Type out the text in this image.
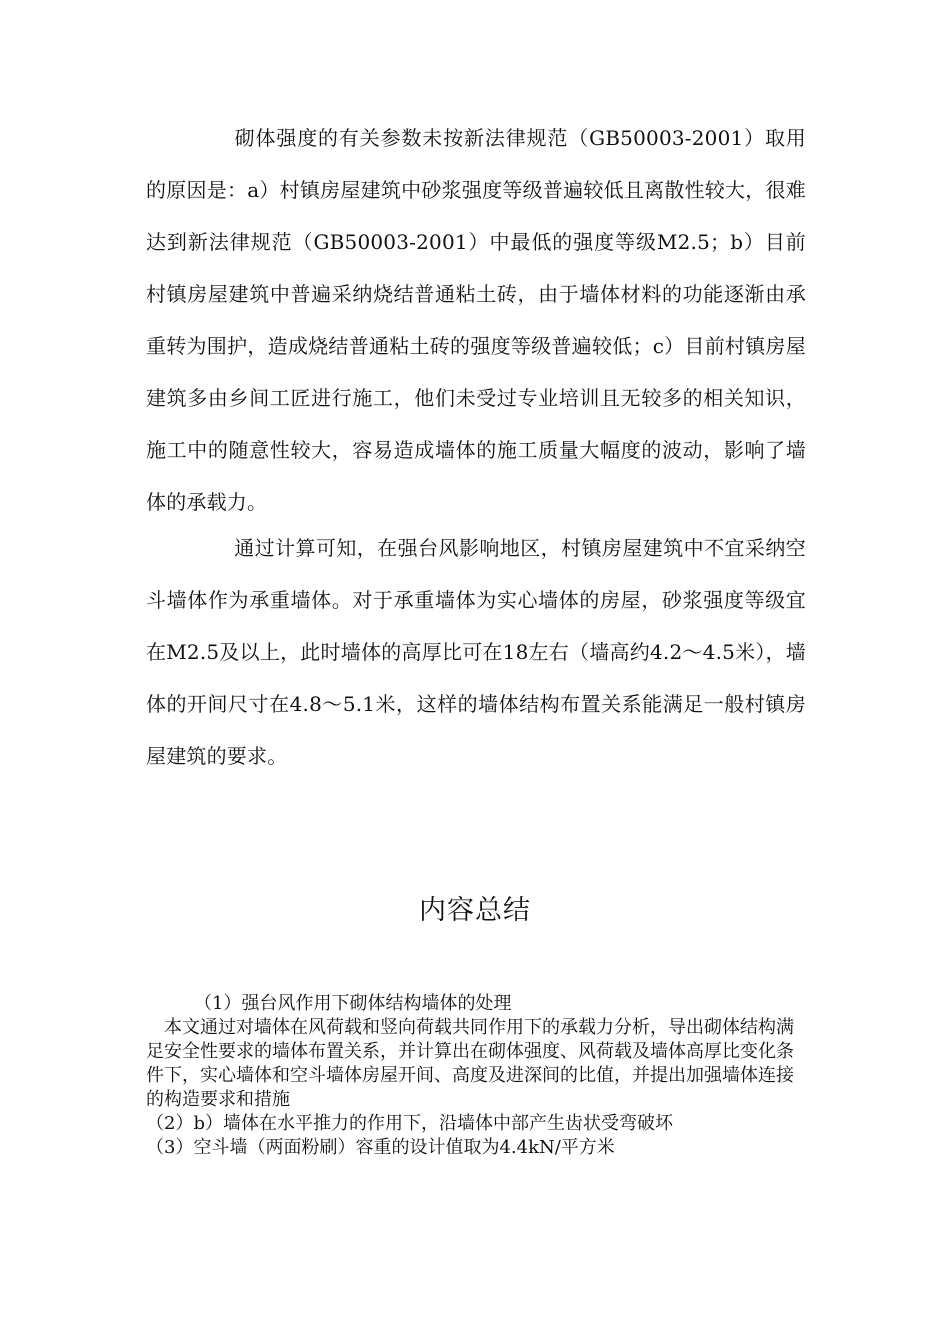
砌体强度的有关参数未按新法律规范（GB50003-2001）取用的原因是：a）村镇房屋建筑中砂浆强度等级普遍较低且离散性较大，很难达到新法律规范（GB50003-2001）中最低的强度等级M2.5；b）目前村镇房屋建筑中普遍采纳烧结普通粘土砖，由于墙体材料的功能逐渐由承重转为围护，造成烧结普通粘土砖的强度等级普遍较低；c）目前村镇房屋建筑多由乡间工匠进行施工，他们未受过专业培训且无较多的相关知识，施工中的随意性较大，容易造成墙体的施工质量大幅度的波动，影响了墙体的承载力。

通过计算可知，在强台风影响地区，村镇房屋建筑中不宜采纳空斗墙体作为承重墙体。对于承重墙体为实心墙体的房屋，砂浆强度等级宜在M2.5及以上，此时墙体的高厚比可在18左右（墙高约4.2～4.5米），墙体的开间尺寸在4.8～5.1米，这样的墙体结构布置关系能满足一般村镇房屋建筑的要求。

内容总结
（1）强台风作用下砌体结构墙体的处理
本文通过对墙体在风荷载和竖向荷载共同作用下的承载力分析，导出砌体结构满足安全性要求的墙体布置关系，并计算出在砌体强度、风荷载及墙体高厚比变化条件下，实心墙体和空斗墙体房屋开间、高度及进深间的比值，并提出加强墙体连接的构造要求和措施
（2）b）墙体在水平推力的作用下，沿墙体中部产生齿状受弯破坏
（3）空斗墙（两面粉刷）容重的设计值取为4.4kN/平方米
